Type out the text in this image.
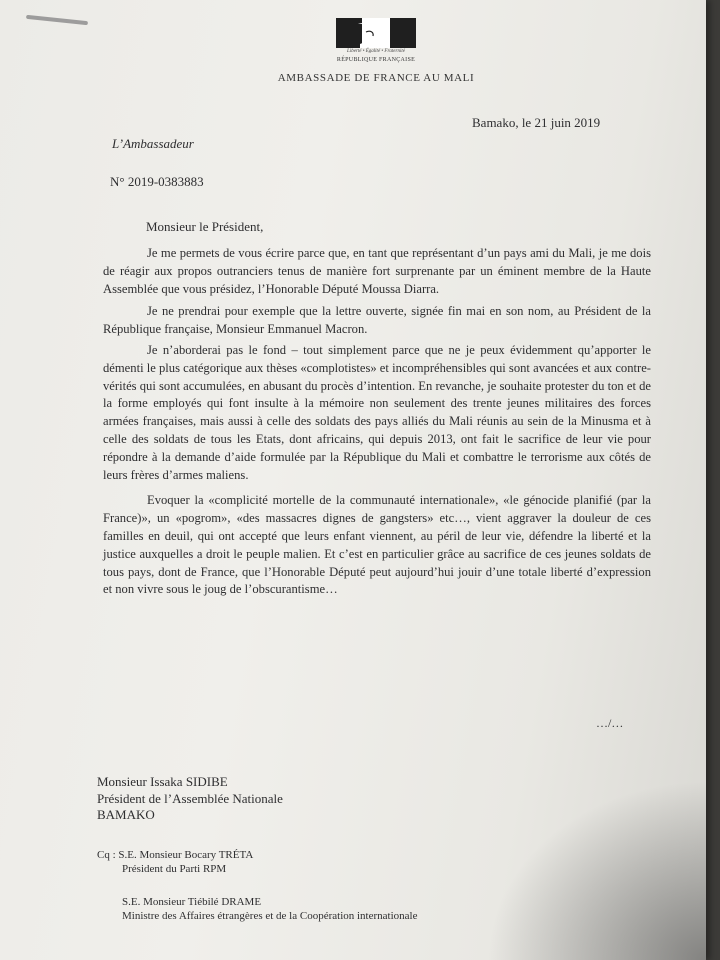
Liberté • Égalité • Fraternité
RÉPUBLIQUE FRANÇAISE
AMBASSADE DE FRANCE AU MALI
Bamako, le 21 juin 2019
L’Ambassadeur
N° 2019-0383883
Monsieur le Président,

Je me permets de vous écrire parce que, en tant que représentant d’un pays ami du Mali, je me dois de réagir aux propos outranciers tenus de manière fort surprenante par un éminent membre de la Haute Assemblée que vous présidez, l’Honorable Député Moussa Diarra.

Je ne prendrai pour exemple que la lettre ouverte, signée fin mai en son nom, au Président de la République française, Monsieur Emmanuel Macron.

Je n’aborderai pas le fond – tout simplement parce que ne je peux évidemment qu’apporter le démenti le plus catégorique aux thèses «complotistes» et incompréhensibles qui sont avancées et aux contre-vérités qui sont accumulées, en abusant du procès d’intention. En revanche, je souhaite protester du ton et de la forme employés qui font insulte à la mémoire non seulement des trente jeunes militaires des forces armées françaises, mais aussi à celle des soldats des pays alliés du Mali réunis au sein de la Minusma et à celle des soldats de tous les Etats, dont africains, qui depuis 2013, ont fait le sacrifice de leur vie pour répondre à la demande d’aide formulée par la République du Mali et combattre le terrorisme aux côtés de leurs frères d’armes maliens.

Evoquer la «complicité mortelle de la communauté internationale», «le génocide planifié (par la France)», un «pogrom», «des massacres dignes de gangsters» etc…, vient aggraver la douleur de ces familles en deuil, qui ont accepté que leurs enfant viennent, au péril de leur vie, défendre la liberté et la justice auxquelles a droit le peuple malien. Et c’est en particulier grâce au sacrifice de ces jeunes soldats de tous pays, dont de France, que l’Honorable Député peut aujourd’hui jouir d’une totale liberté d’expression et non vivre sous le joug de l’obscurantisme…

…/…
Monsieur Issaka SIDIBE
Président de l’Assemblée Nationale
BAMAKO
Cq : S.E. Monsieur Bocary TRÉTA
Président du Parti RPM
S.E. Monsieur Tiébilé DRAME
Ministre des Affaires étrangères et de la Coopération internationale
